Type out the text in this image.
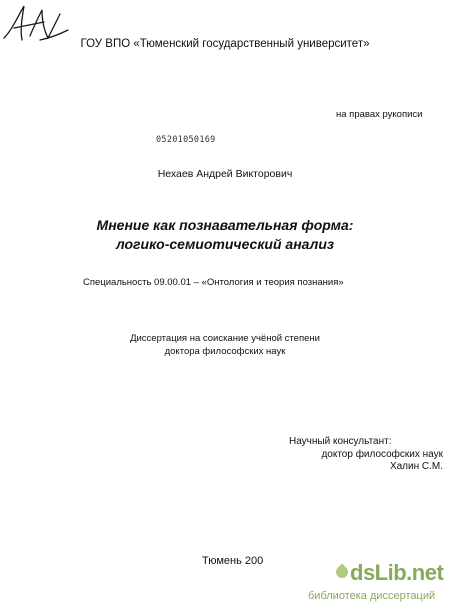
ГОУ ВПО «Тюменский государственный университет»
на правах рукописи
05201050169
Нехаев Андрей Викторович
Мнение как познавательная форма:
логико-семиотический анализ
Специальность 09.00.01 – «Онтология и теория познания»
Диссертация на соискание учёной степени
доктора философских наук
Научный консультант:
доктор философских наук
Халин С.М.
Тюмень 200	dsLib.net
библиотека диссертаций
